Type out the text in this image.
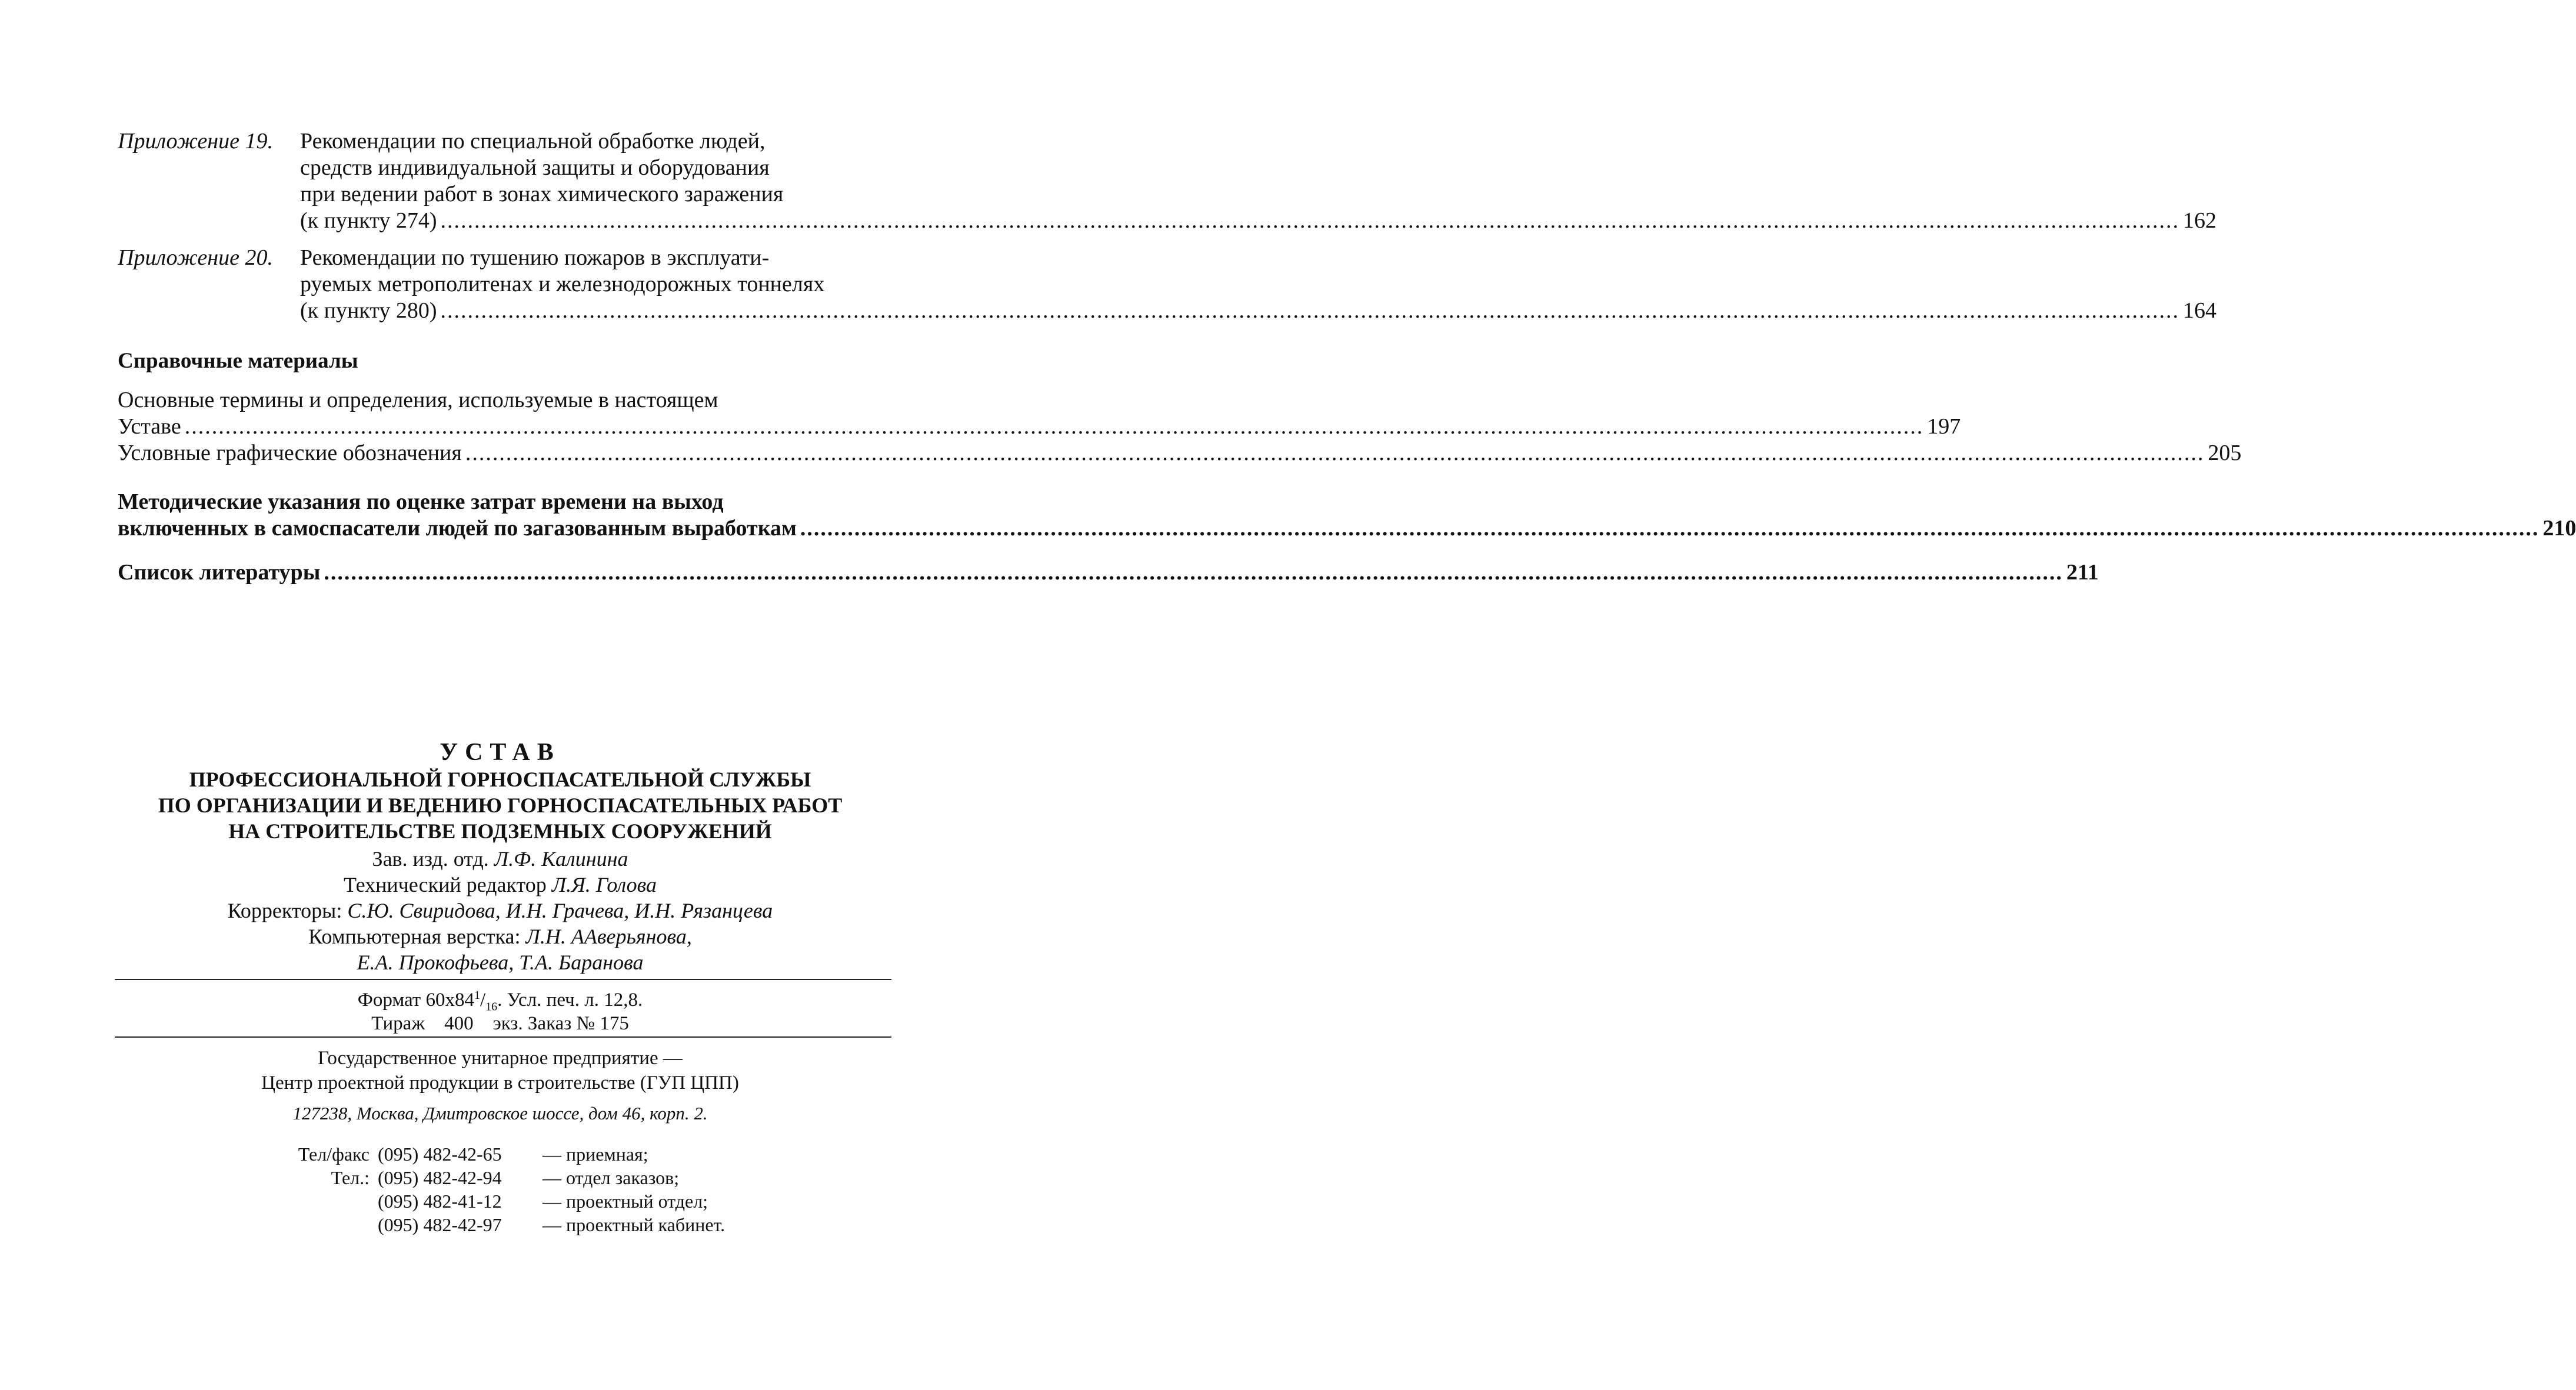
Приложение 19.	Рекомендации по специальной обработке людей,
средств индивидуальной защиты и оборудования
при ведении работ в зонах химического заражения
(к пункту 274) .....	162
Приложение 20.	Рекомендации по тушению пожаров в эксплуати-
руемых метрополитенах и железнодорожных тоннелях
(к пункту 280) .....	164
Справочные материалы
Основные термины и определения, используемые в настоящем
Уставе .....	197
Условные графические обозначения .....	205
Методические указания по оценке затрат времени на выход
включенных в самоспасатели людей по загазованным выработкам .....	210
Список литературы .....	211
УСТАВ
ПРОФЕССИОНАЛЬНОЙ ГОРНОСПАСАТЕЛЬНОЙ СЛУЖБЫ
ПО ОРГАНИЗАЦИИ И ВЕДЕНИЮ ГОРНОСПАСАТЕЛЬНЫХ РАБОТ
НА СТРОИТЕЛЬСТВЕ ПОДЗЕМНЫХ СООРУЖЕНИЙ
Зав. изд. отд. Л.Ф. Калинина
Технический редактор Л.Я. Голова
Корректоры: С.Ю. Свиридова, И.Н. Грачева, И.Н. Рязанцева
Компьютерная верстка: Л.Н. ААверьянова,
Е.А. Прокофьева, Т.А. Баранова
Формат $60x84^1/_{16}$. Усл. печ. л. 12,8.
Тираж 400 экз. Заказ № 175
Государственное унитарное предприятие —
Центр проектной продукции в строительстве (ГУП ЦПП)
127238, Москва, Дмитровское шоссе, дом 46, корп. 2.
Тел/факс (095) 482-42-65	— приемная;
Тел.: (095) 482-42-94	— отдел заказов;
(095) 482-41-12	— проектный отдел;
(095) 482-42-97	— проектный кабинет.
